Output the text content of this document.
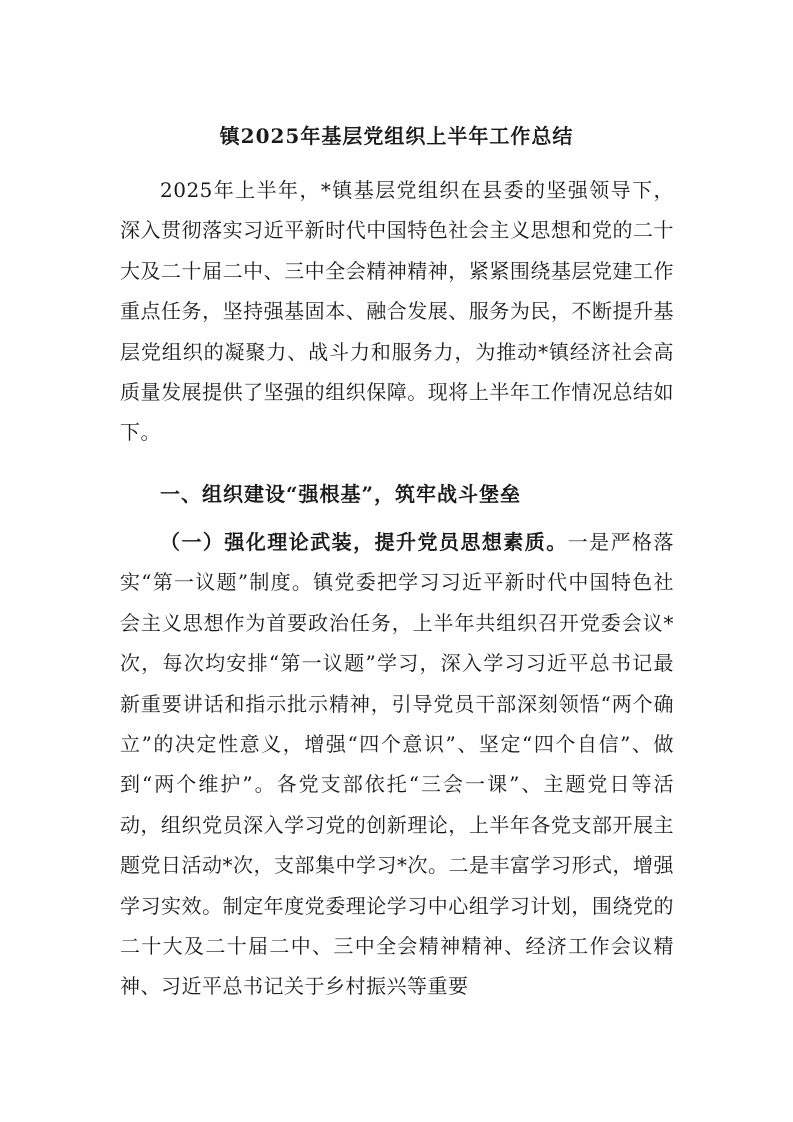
镇2025年基层党组织上半年工作总结
2025年上半年，*镇基层党组织在县委的坚强领导下，深入贯彻落实习近平新时代中国特色社会主义思想和党的二十大及二十届二中、三中全会精神精神，紧紧围绕基层党建工作重点任务，坚持强基固本、融合发展、服务为民，不断提升基层党组织的凝聚力、战斗力和服务力，为推动*镇经济社会高质量发展提供了坚强的组织保障。现将上半年工作情况总结如下。
一、组织建设“强根基”，筑牢战斗堡垒
（一）强化理论武装，提升党员思想素质。一是严格落实“第一议题”制度。镇党委把学习习近平新时代中国特色社会主义思想作为首要政治任务，上半年共组织召开党委会议*次，每次均安排“第一议题”学习，深入学习习近平总书记最新重要讲话和指示批示精神，引导党员干部深刻领悟“两个确立”的决定性意义，增强“四个意识”、坚定“四个自信”、做到“两个维护”。各党支部依托“三会一课”、主题党日等活动，组织党员深入学习党的创新理论，上半年各党支部开展主题党日活动*次，支部集中学习*次。二是丰富学习形式，增强学习实效。制定年度党委理论学习中心组学习计划，围绕党的二十大及二十届二中、三中全会精神精神、经济工作会议精神、习近平总书记关于乡村振兴等重要
